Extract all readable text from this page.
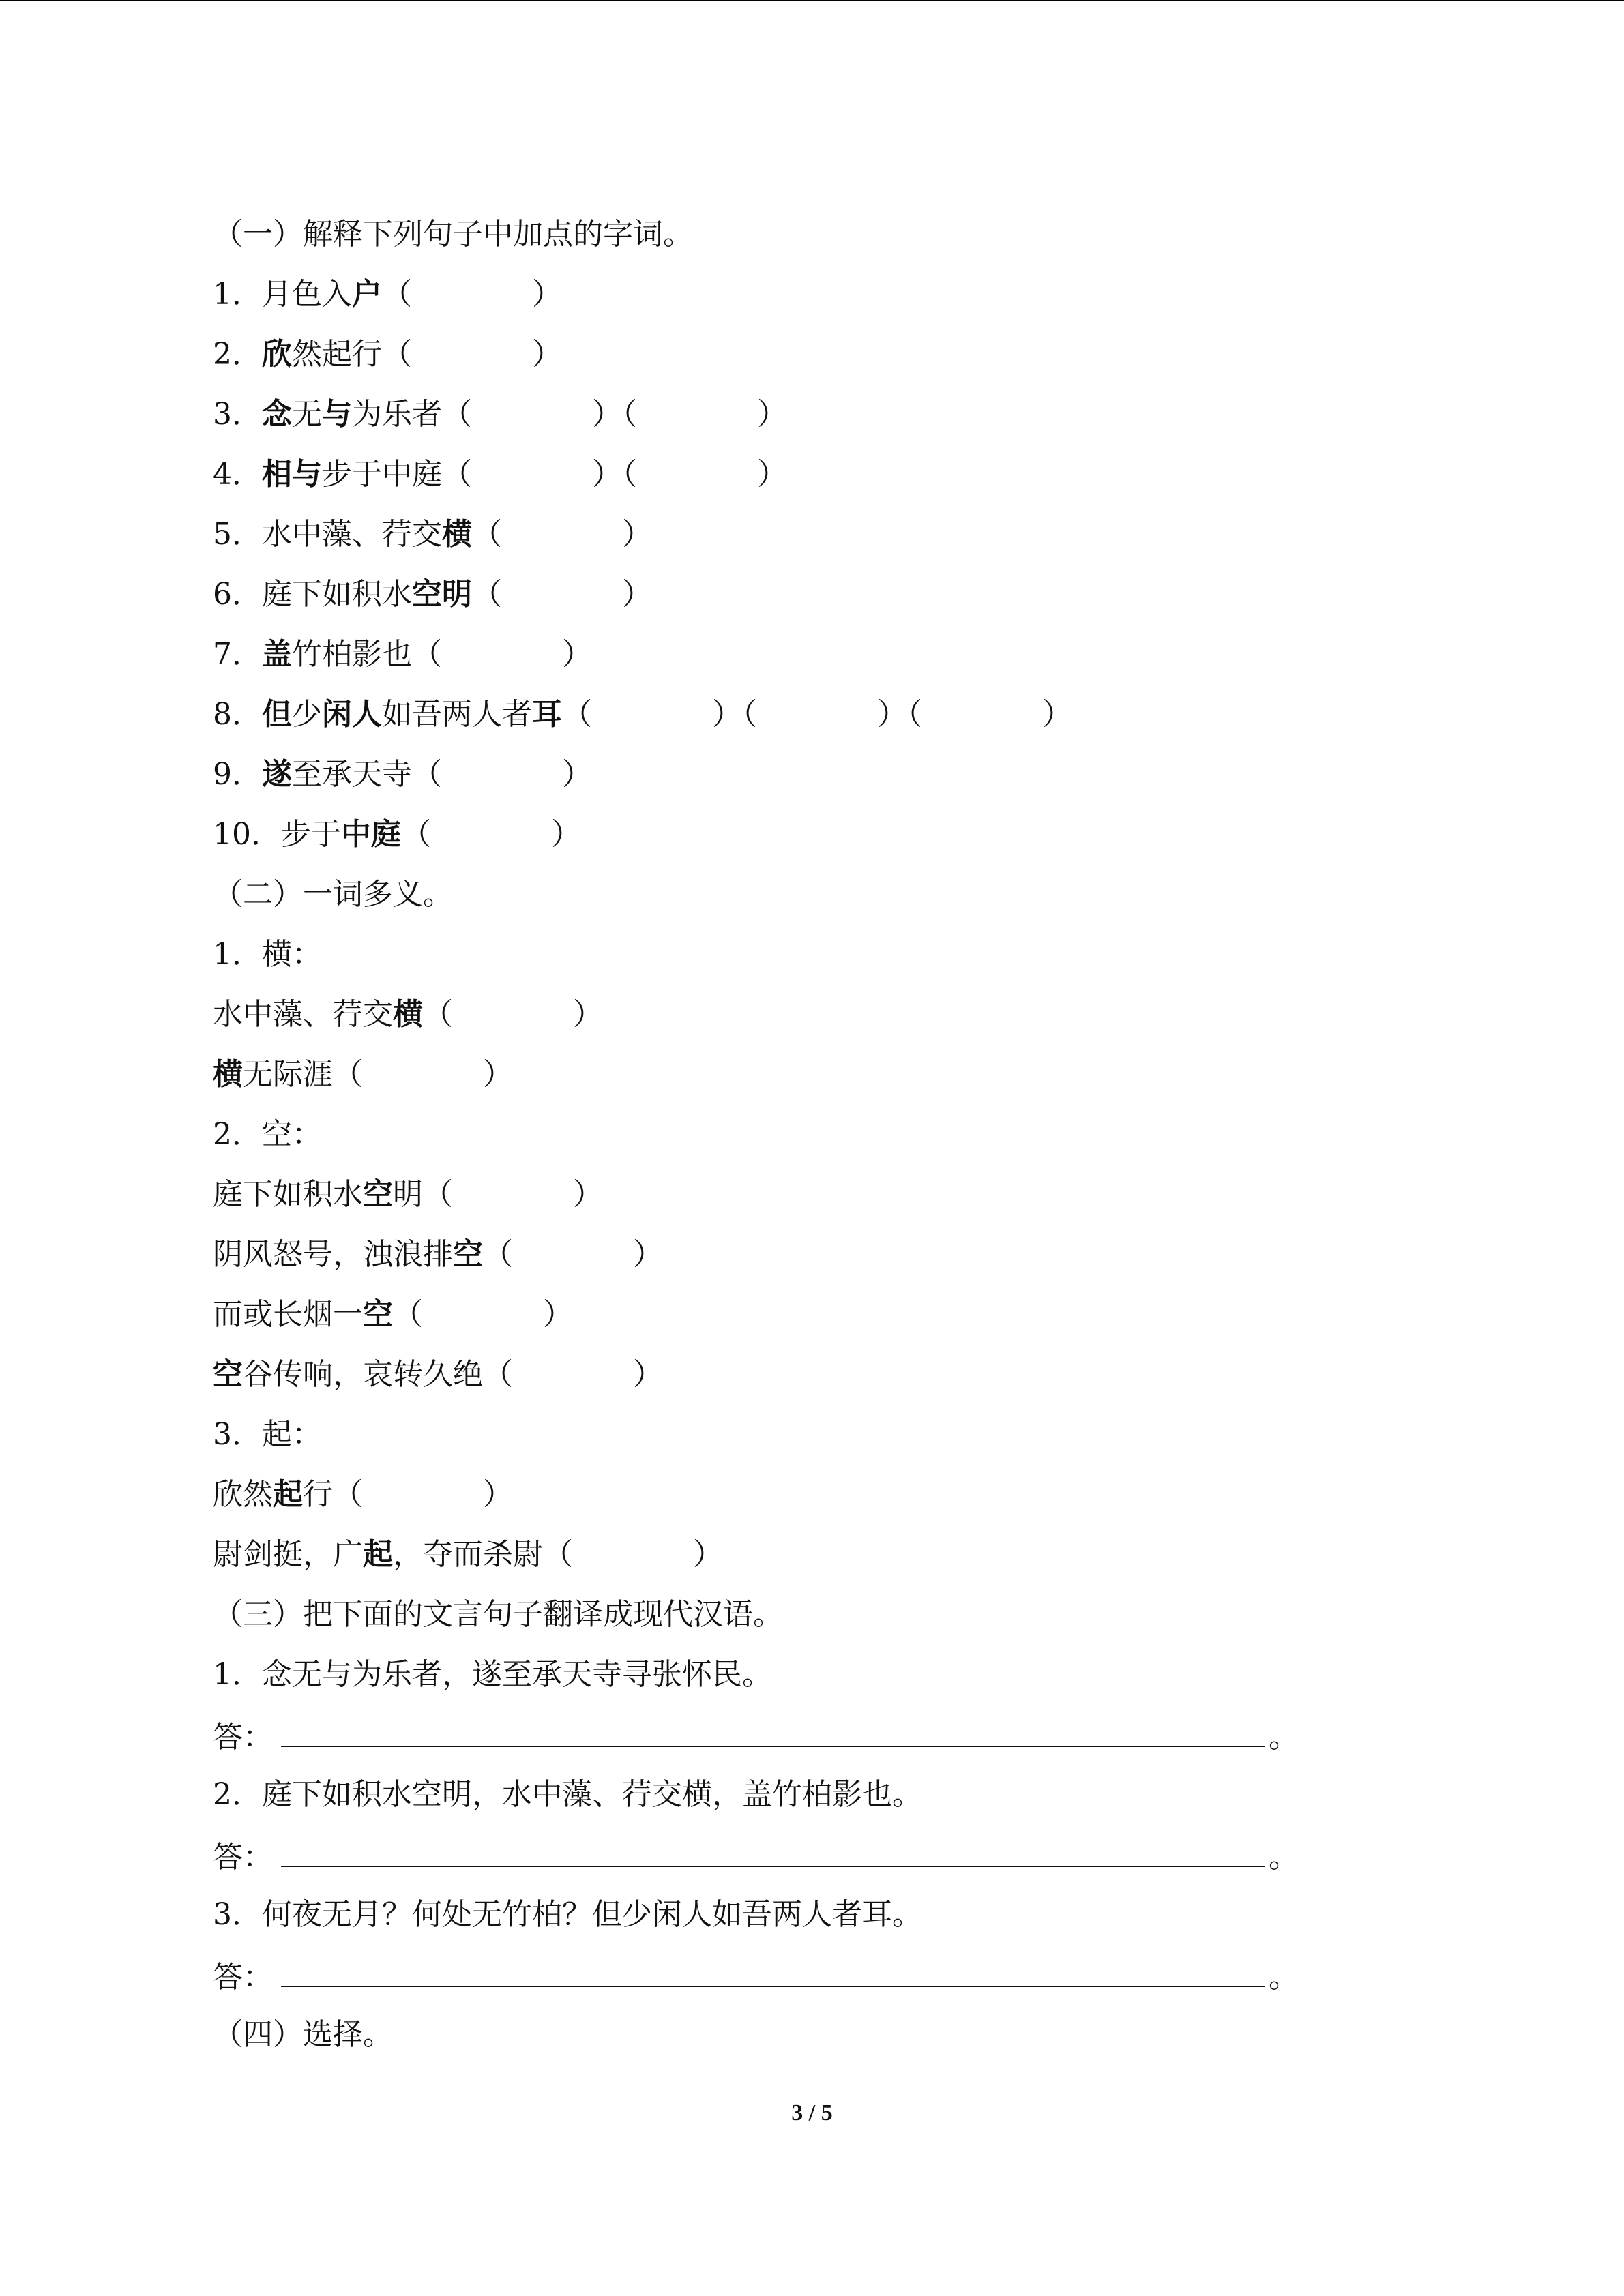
（一）解释下列句子中加点的字词。
1．月色入户（　　　　）
2．欣然起行（　　　　）
3．念无与为乐者（　　　　）（　　　　）
4．相与步于中庭（　　　　）（　　　　）
5．水中藻、荇交横（　　　　）
6．庭下如积水空明（　　　　）
7．盖竹柏影也（　　　　）
8．但少闲人如吾两人者耳（　　　　）（　　　　）（　　　　）
9．遂至承天寺（　　　　）
10．步于中庭（　　　　）
（二）一词多义。
1．横：
水中藻、荇交横（　　　　）
横无际涯（　　　　）
2．空：
庭下如积水空明（　　　　）
阴风怒号，浊浪排空（　　　　）
而或长烟一空（　　　　）
空谷传响，哀转久绝（　　　　）
3．起：
欣然起行（　　　　）
尉剑挺，广起，夺而杀尉（　　　　）
（三）把下面的文言句子翻译成现代汉语。
1．念无与为乐者，遂至承天寺寻张怀民。
答：	。
2．庭下如积水空明，水中藻、荇交横，盖竹柏影也。
答：	。
3．何夜无月？何处无竹柏？但少闲人如吾两人者耳。
答：	。
（四）选择。
3 / 5
